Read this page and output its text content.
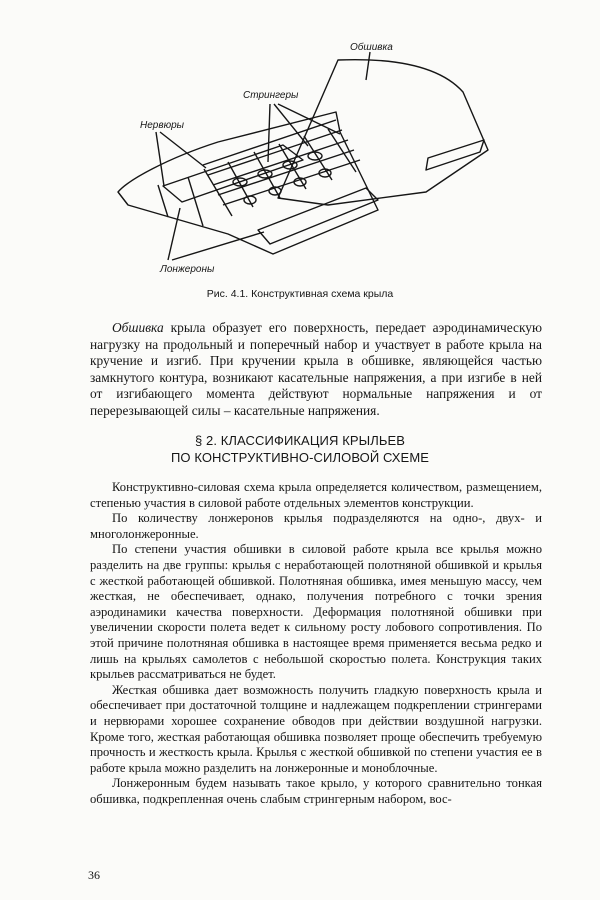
Обшивка
Стрингеры
Нервюры
Лонжероны
Рис. 4.1. Конструктивная схема крыла

Обшивка крыла образует его поверхность, передает аэродинамическую нагрузку на продольный и поперечный набор и участвует в работе крыла на кручение и изгиб. При кручении крыла в обшивке, являющейся частью замкнутого контура, возникают касательные напряжения, а при изгибе в ней от изгибающего момента действуют нормальные напряжения и от перерезывающей силы – касательные напряжения.

§ 2. КЛАССИФИКАЦИЯ КРЫЛЬЕВ
ПО КОНСТРУКТИВНО-СИЛОВОЙ СХЕМЕ

Конструктивно-силовая схема крыла определяется количеством, размещением, степенью участия в силовой работе отдельных элементов конструкции.

По количеству лонжеронов крылья подразделяются на одно-, двух- и многолонжеронные.

По степени участия обшивки в силовой работе крыла все крылья можно разделить на две группы: крылья с неработающей полотняной обшивкой и крылья с жесткой работающей обшивкой. Полотняная обшивка, имея меньшую массу, чем жесткая, не обеспечивает, однако, получения потребного с точки зрения аэродинамики качества поверхности. Деформация полотняной обшивки при увеличении скорости полета ведет к сильному росту лобового сопротивления. По этой причине полотняная обшивка в настоящее время применяется весьма редко и лишь на крыльях самолетов с небольшой скоростью полета. Конструкция таких крыльев рассматриваться не будет.

Жесткая обшивка дает возможность получить гладкую поверхность крыла и обеспечивает при достаточной толщине и надлежащем подкреплении стрингерами и нервюрами хорошее сохранение обводов при действии воздушной нагрузки. Кроме того, жесткая работающая обшивка позволяет проще обеспечить требуемую прочность и жесткость крыла. Крылья с жесткой обшивкой по степени участия ее в работе крыла можно разделить на лонжеронные и моноблочные.

Лонжеронным будем называть такое крыло, у которого сравнительно тонкая обшивка, подкрепленная очень слабым стрингерным набором, вос-

36
